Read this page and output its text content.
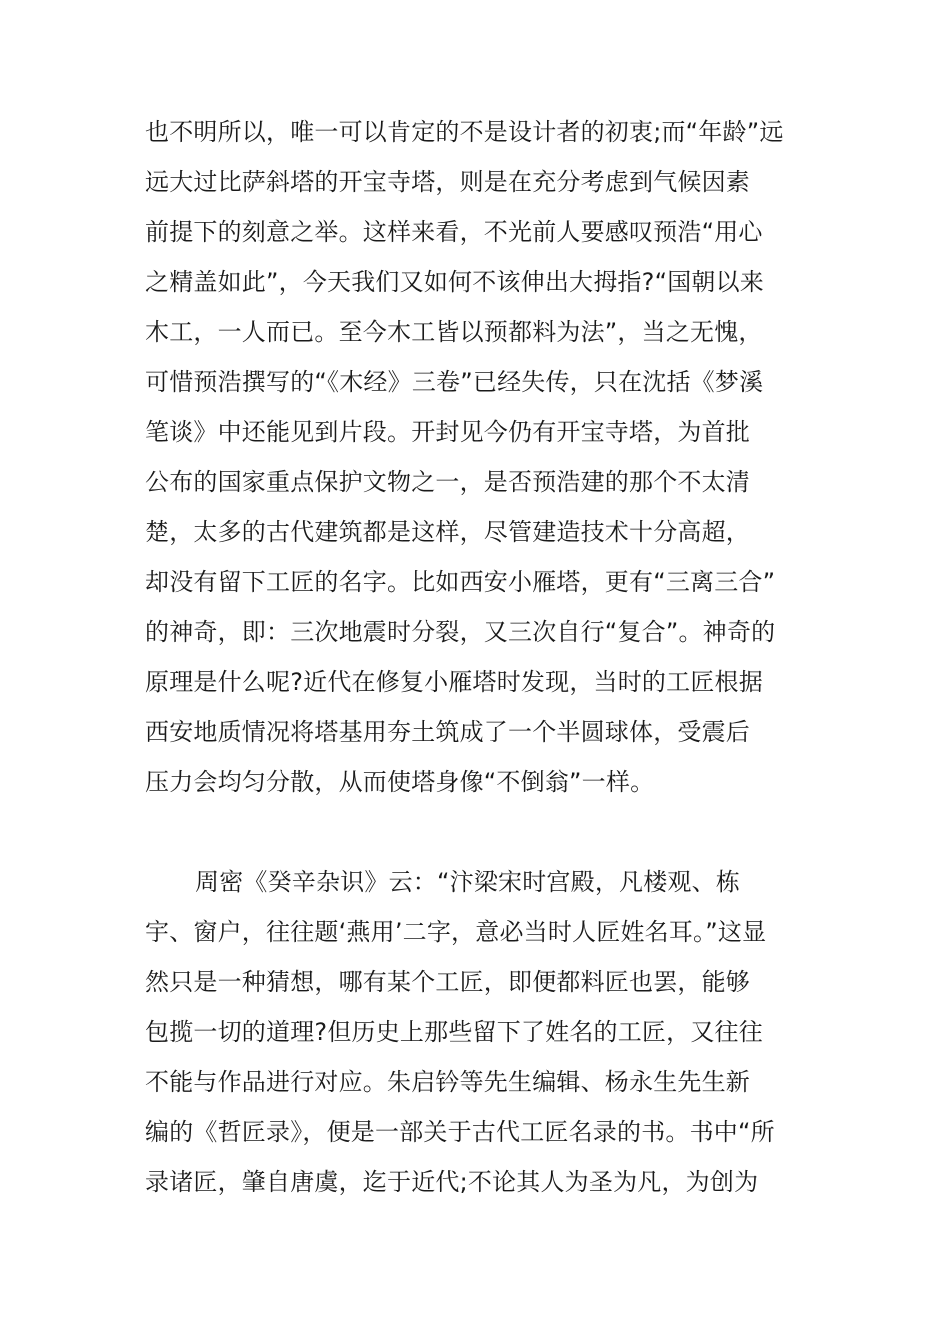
也不明所以，唯一可以肯定的不是设计者的初衷;而“年龄”远
远大过比萨斜塔的开宝寺塔，则是在充分考虑到气候因素
前提下的刻意之举。这样来看，不光前人要感叹预浩“用心
之精盖如此”，今天我们又如何不该伸出大拇指?“国朝以来
木工，一人而已。至今木工皆以预都料为法”，当之无愧，
可惜预浩撰写的“《木经》三卷”已经失传，只在沈括《梦溪
笔谈》中还能见到片段。开封见今仍有开宝寺塔，为首批
公布的国家重点保护文物之一，是否预浩建的那个不太清
楚，太多的古代建筑都是这样，尽管建造技术十分高超，
却没有留下工匠的名字。比如西安小雁塔，更有“三离三合”
的神奇，即：三次地震时分裂，又三次自行“复合”。神奇的
原理是什么呢?近代在修复小雁塔时发现，当时的工匠根据
西安地质情况将塔基用夯土筑成了一个半圆球体，受震后
压力会均匀分散，从而使塔身像“不倒翁”一样。
周密《癸辛杂识》云：“汴梁宋时宫殿，凡楼观、栋
宇、窗户，往往题‘燕用’二字，意必当时人匠姓名耳。”这显
然只是一种猜想，哪有某个工匠，即便都料匠也罢，能够
包揽一切的道理?但历史上那些留下了姓名的工匠，又往往
不能与作品进行对应。朱启钤等先生编辑、杨永生先生新
编的《哲匠录》，便是一部关于古代工匠名录的书。书中“所
录诸匠，肇自唐虞，迄于近代;不论其人为圣为凡，为创为
